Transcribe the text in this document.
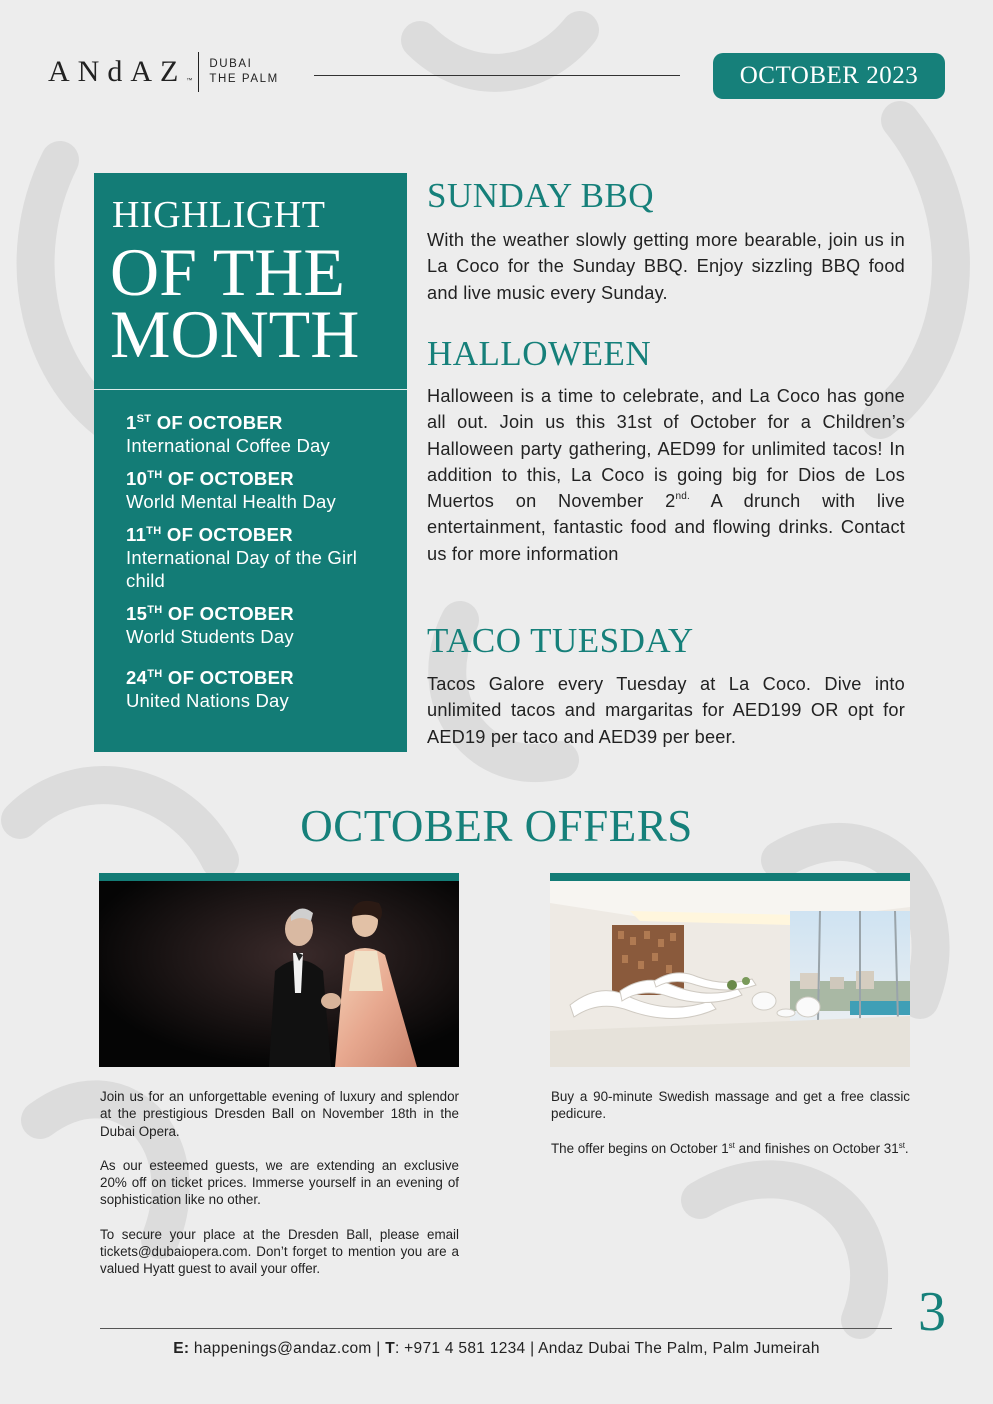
ANdAZ ™
DUBAI
THE PALM	OCTOBER 2023
HIGHLIGHT
OF THE
MONTH
1ST OF OCTOBER
International Coffee Day
10TH OF OCTOBER
World Mental Health Day
11TH OF OCTOBER
International Day of the Girl child
15TH OF OCTOBER
World Students Day
24TH OF OCTOBER
United Nations Day
SUNDAY BBQ
With the weather slowly getting more bearable, join us in La Coco for the Sunday BBQ. Enjoy sizzling BBQ food and live music every Sunday.
HALLOWEEN
Halloween is a time to celebrate, and La Coco has gone all out. Join us this 31st of October for a Children’s Halloween party gathering, AED99 for unlimited tacos! In addition to this, La Coco is going big for Dios de Los Muertos on November $2^{nd.}$ A drunch with live entertainment, fantastic food and flowing drinks. Contact us for more information
TACO TUESDAY
Tacos Galore every Tuesday at La Coco. Dive into unlimited tacos and margaritas for AED199 OR opt for AED19 per taco and AED39 per beer.
OCTOBER OFFERS

Join us for an unforgettable evening of luxury and splendor at the prestigious Dresden Ball on November 18th in the Dubai Opera.

As our esteemed guests, we are extending an exclusive 20% off on ticket prices. Immerse yourself in an evening of sophistication like no other.

To secure your place at the Dresden Ball, please email tickets@dubaiopera.com. Don’t forget to mention you are a valued Hyatt guest to avail your offer.

Buy a 90-minute Swedish massage and get a free classic pedicure.

The offer begins on October 1st and finishes on October 31st.

3
E: happenings@andaz.com | T: +971 4 581 1234 | Andaz Dubai The Palm, Palm Jumeirah
